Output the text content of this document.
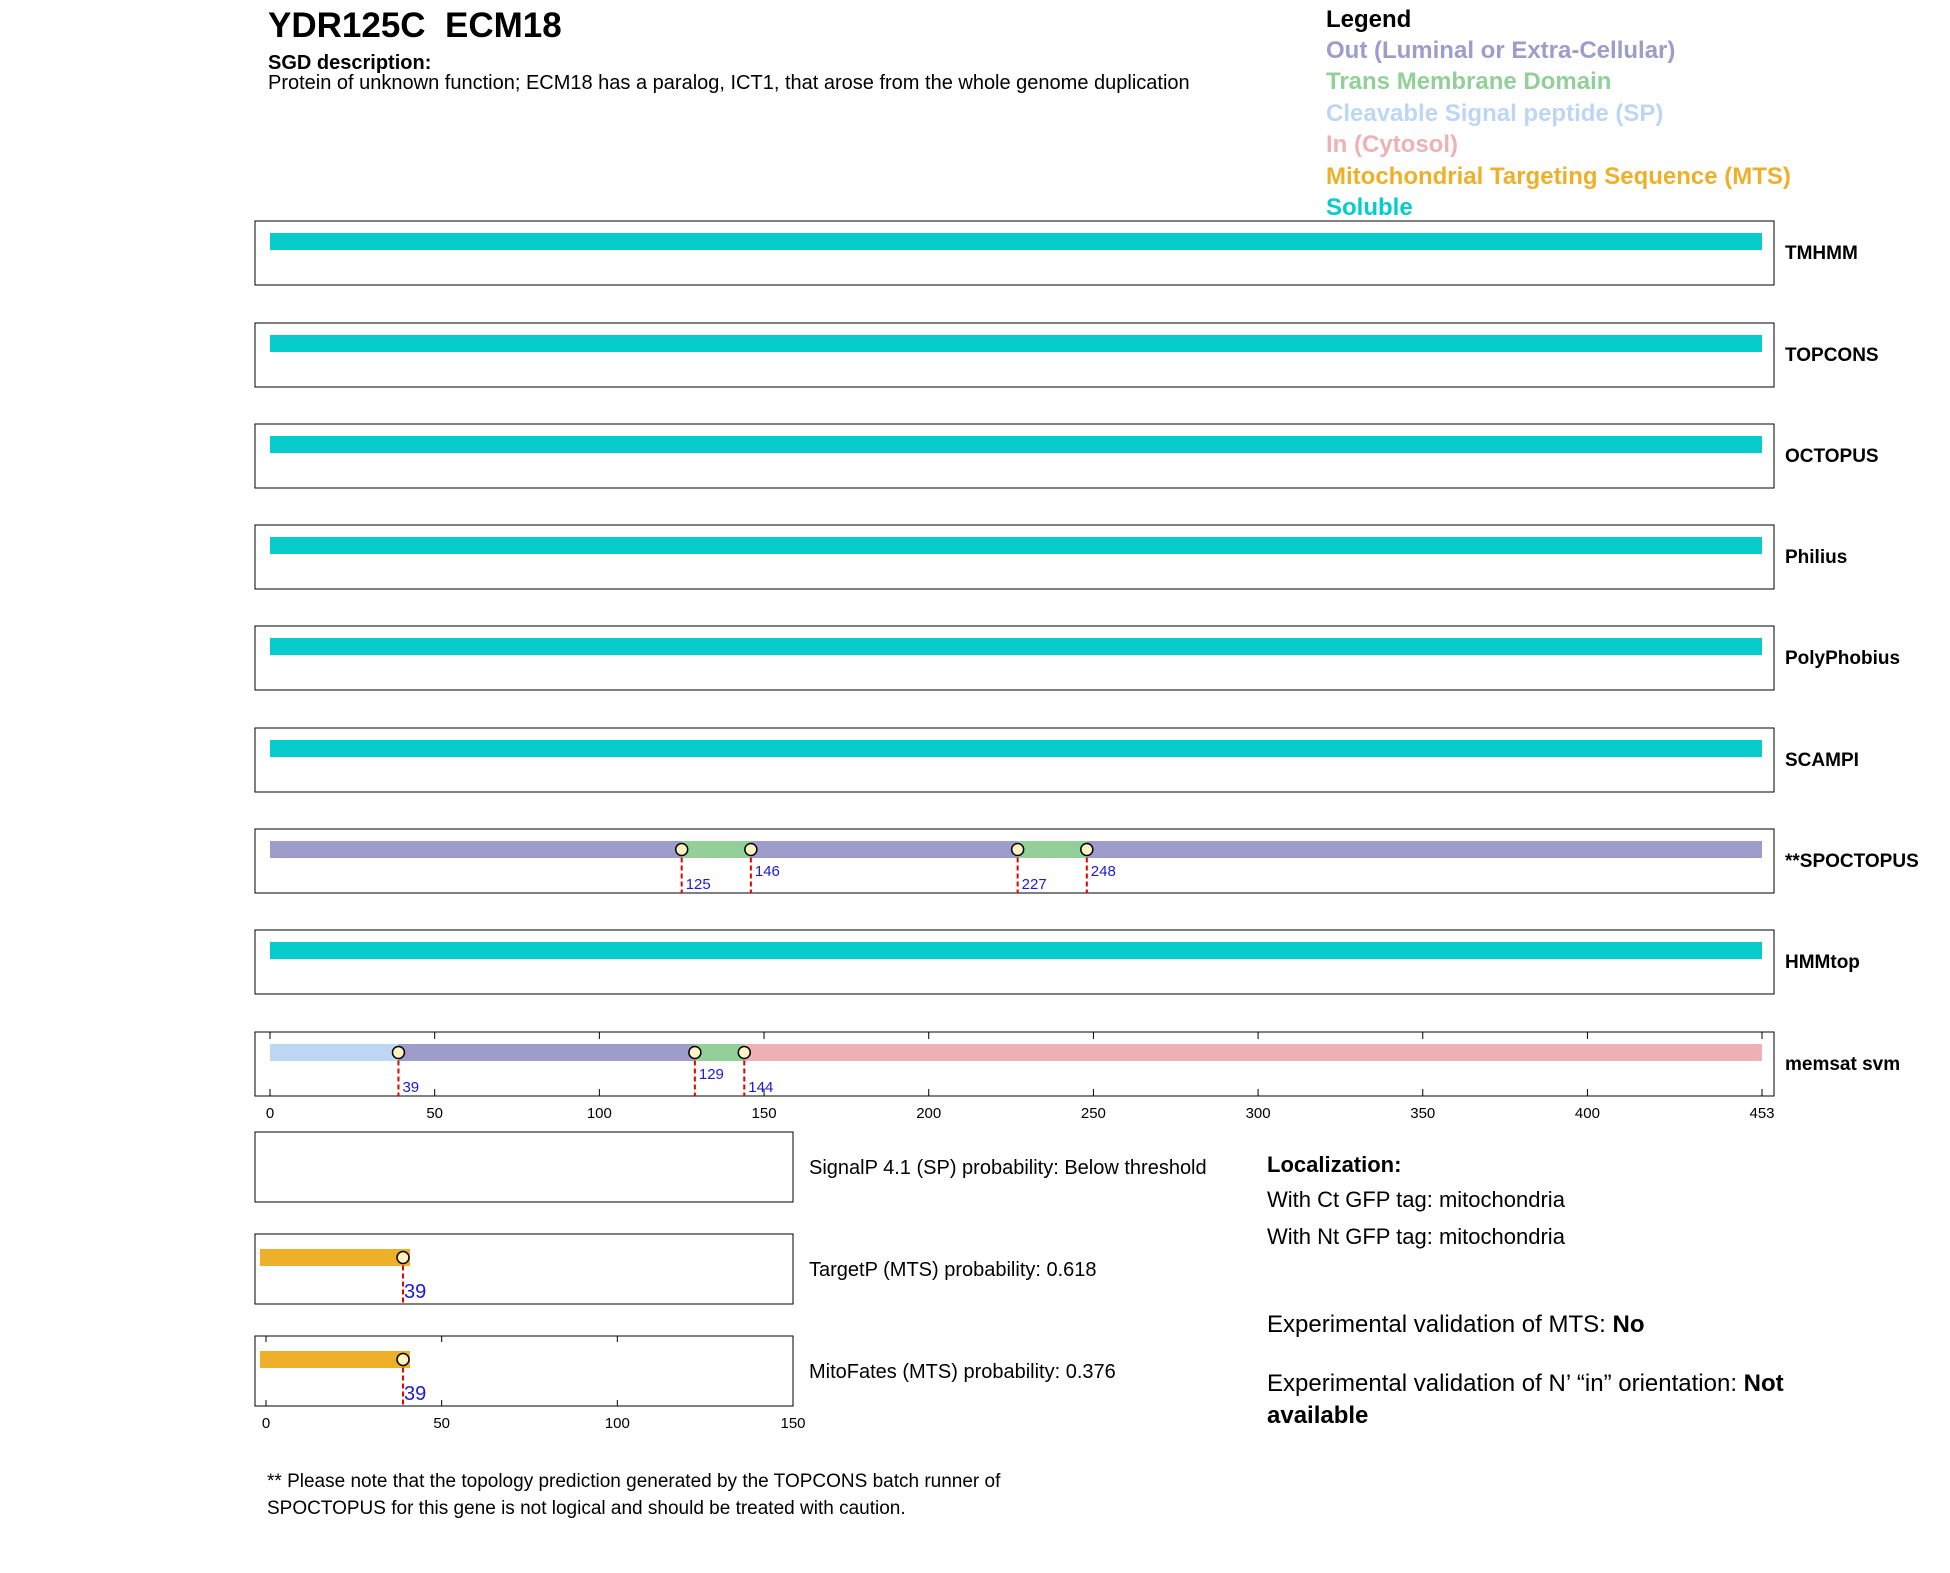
YDR125C  ECM18
SGD description:
Protein of unknown function; ECM18 has a paralog, ICT1, that arose from the whole genome duplication
Legend
Out (Luminal or Extra-Cellular)
Trans Membrane Domain
Cleavable Signal peptide (SP)
In (Cytosol)
Mitochondrial Targeting Sequence (MTS)
Soluble
TMHMM
TOPCONS
OCTOPUS
Philius
PolyPhobius
SCAMPI
125
146
227
248	**SPOCTOPUS
HMMtop
39
129
144
memsat svm
0	50	100	150	200	250	300	350	400	453
SignalP 4.1 (SP) probability: Below threshold
39
TargetP (MTS) probability: 0.618
39
MitoFates (MTS) probability: 0.376
0	50	100	150
Localization:
With Ct GFP tag: mitochondria
With Nt GFP tag: mitochondria
Experimental validation of MTS: No
Experimental validation of N’ “in” orientation: Not available
** Please note that the topology prediction generated by the TOPCONS batch runner of
SPOCTOPUS for this gene is not logical and should be treated with caution.
